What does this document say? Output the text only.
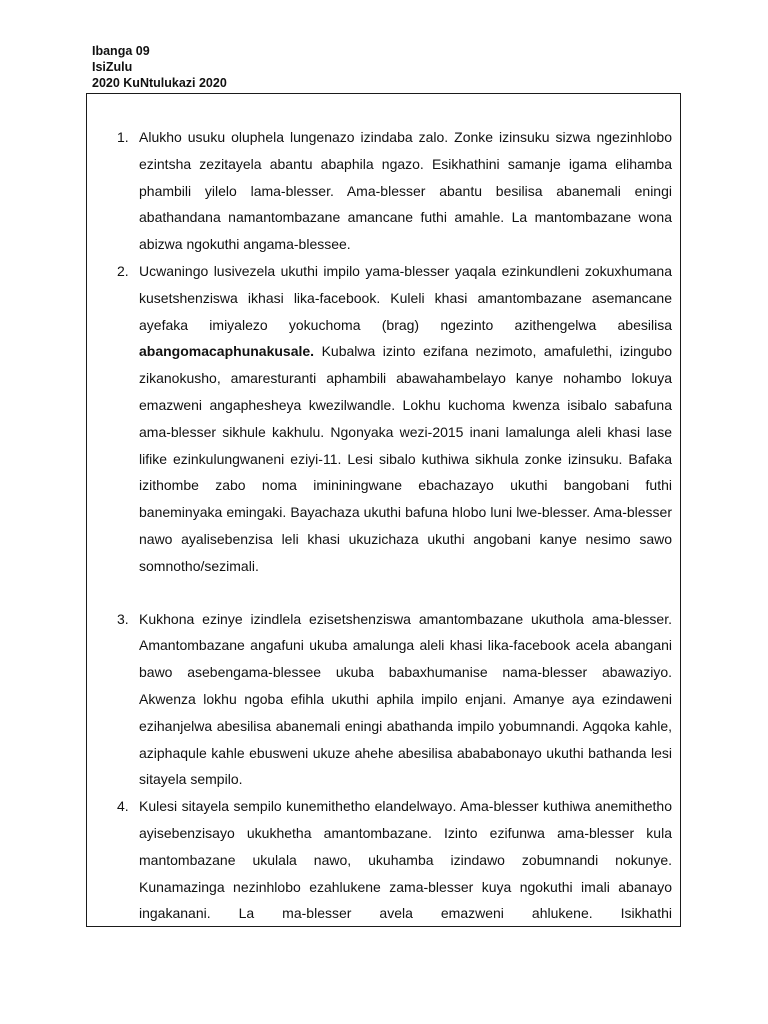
Ibanga 09
IsiZulu
2020 KuNtulukazi 2020
1. Alukho usuku oluphela lungenazo izindaba zalo. Zonke izinsuku sizwa ngezinhlobo ezintsha zezitayela abantu abaphila ngazo. Esikhathini samanje igama elihamba phambili yilelo lama-blesser. Ama-blesser abantu besilisa abanemali eningi abathandana namantombazane amancane futhi amahle. La mantombazane wona abizwa ngokuthi angama-blessee.

2. Ucwaningo lusivezela ukuthi impilo yama-blesser yaqala ezinkundleni zokuxhumana kusetshenziswa ikhasi lika-facebook. Kuleli khasi amantombazane asemancane ayefaka imiyalezo yokuchoma (brag) ngezinto azithengelwa abesilisa abangomacaphunakusale. Kubalwa izinto ezifana nezimoto, amafulethi, izingubo zikanokusho, amaresturanti aphambili abawahambelayo kanye nohambo lokuya emazweni angaphesheya kwezilwandle. Lokhu kuchoma kwenza isibalo sabafuna ama-blesser sikhule kakhulu. Ngonyaka wezi-2015 inani lamalunga aleli khasi lase lifike ezinkulungwaneni eziyi-11. Lesi sibalo kuthiwa sikhula zonke izinsuku. Bafaka izithombe zabo noma imininingwane ebachazayo ukuthi bangobani futhi baneminyaka emingaki. Bayachaza ukuthi bafuna hlobo luni lwe-blesser. Ama-blesser nawo ayalisebenzisa leli khasi ukuzichaza ukuthi angobani kanye nesimo sawo somnotho/sezimali.

3. Kukhona ezinye izindlela ezisetshenziswa amantombazane ukuthola ama-blesser. Amantombazane angafuni ukuba amalunga aleli khasi lika-facebook acela abangani bawo asebengama-blessee ukuba babaxhumanise nama-blesser abawaziyo. Akwenza lokhu ngoba efihla ukuthi aphila impilo enjani. Amanye aya ezindaweni ezihanjelwa abesilisa abanemali eningi abathanda impilo yobumnandi. Agqoka kahle, aziphaqule kahle ebusweni ukuze ahehe abesilisa abababonayo ukuthi bathanda lesi sitayela sempilo.

4. Kulesi sitayela sempilo kunemithetho elandelwayo. Ama-blesser kuthiwa anemithetho ayisebenzisayo ukukhetha amantombazane. Izinto ezifunwa ama-blesser kula mantombazane ukulala nawo, ukuhamba izindawo zobumnandi nokunye. Kunamazinga nezinhlobo ezahlukene zama-blesser kuya ngokuthi imali abanayo ingakanani. La ma-blesser avela emazweni ahlukene. Isikhathi
